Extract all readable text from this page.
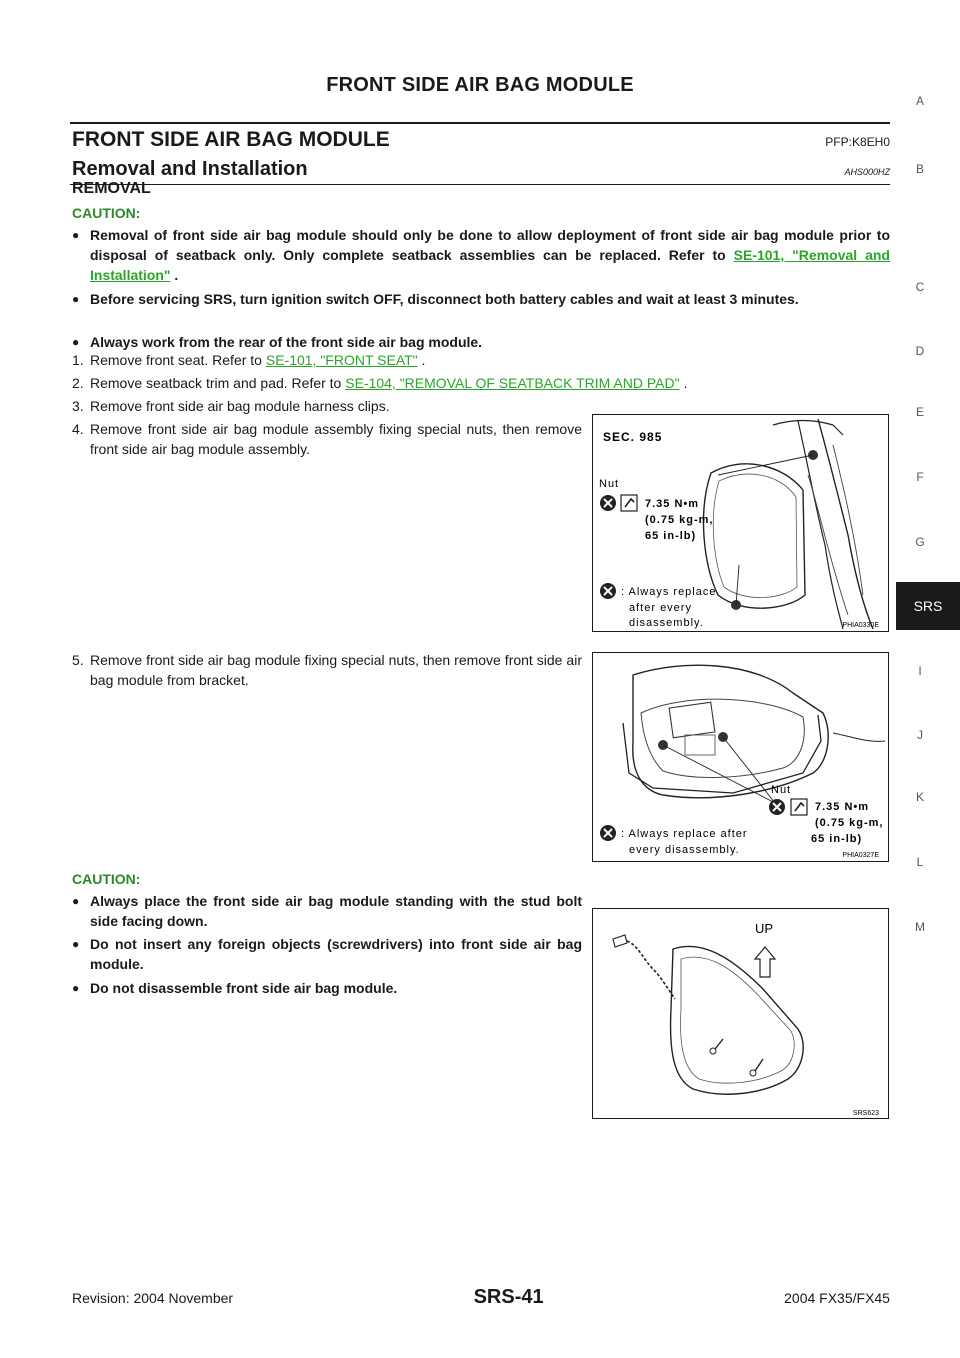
FRONT SIDE AIR BAG MODULE
FRONT SIDE AIR BAG MODULE	PFP:K8EH0
Removal and Installation	AHS000HZ
REMOVAL
CAUTION:
● Removal of front side air bag module should only be done to allow deployment of front side air bag module prior to disposal of seatback only. Only complete seatback assemblies can be replaced. Refer to SE-101, "Removal and Installation" .
● Before servicing SRS, turn ignition switch OFF, disconnect both battery cables and wait at least 3 minutes.
● Always work from the rear of the front side air bag module.
1. Remove front seat. Refer to SE-101, "FRONT SEAT" .
2. Remove seatback trim and pad. Refer to SE-104, "REMOVAL OF SEATBACK TRIM AND PAD" .
3. Remove front side air bag module harness clips.
4. Remove front side air bag module assembly fixing special nuts, then remove front side air bag module assembly.
5. Remove front side air bag module fixing special nuts, then remove front side air bag module from bracket.
CAUTION:
● Always place the front side air bag module standing with the stud bolt side facing down.
● Do not insert any foreign objects (screwdrivers) into front side air bag module.
● Do not disassemble front side air bag module.
SEC. 985
Nut
7.35 N•m
(0.75 kg-m,
65 in-lb)
: Always replace
after every
disassembly.	PHIA0330E
Nut
7.35 N•m
(0.75 kg-m,
65 in-lb)
: Always replace after
every disassembly.	PHIA0327E
UP
SRS623
A
B
C
D
E
F
G
SRS
I
J
K
L
M
Revision: 2004 November	SRS-41	2004 FX35/FX45
